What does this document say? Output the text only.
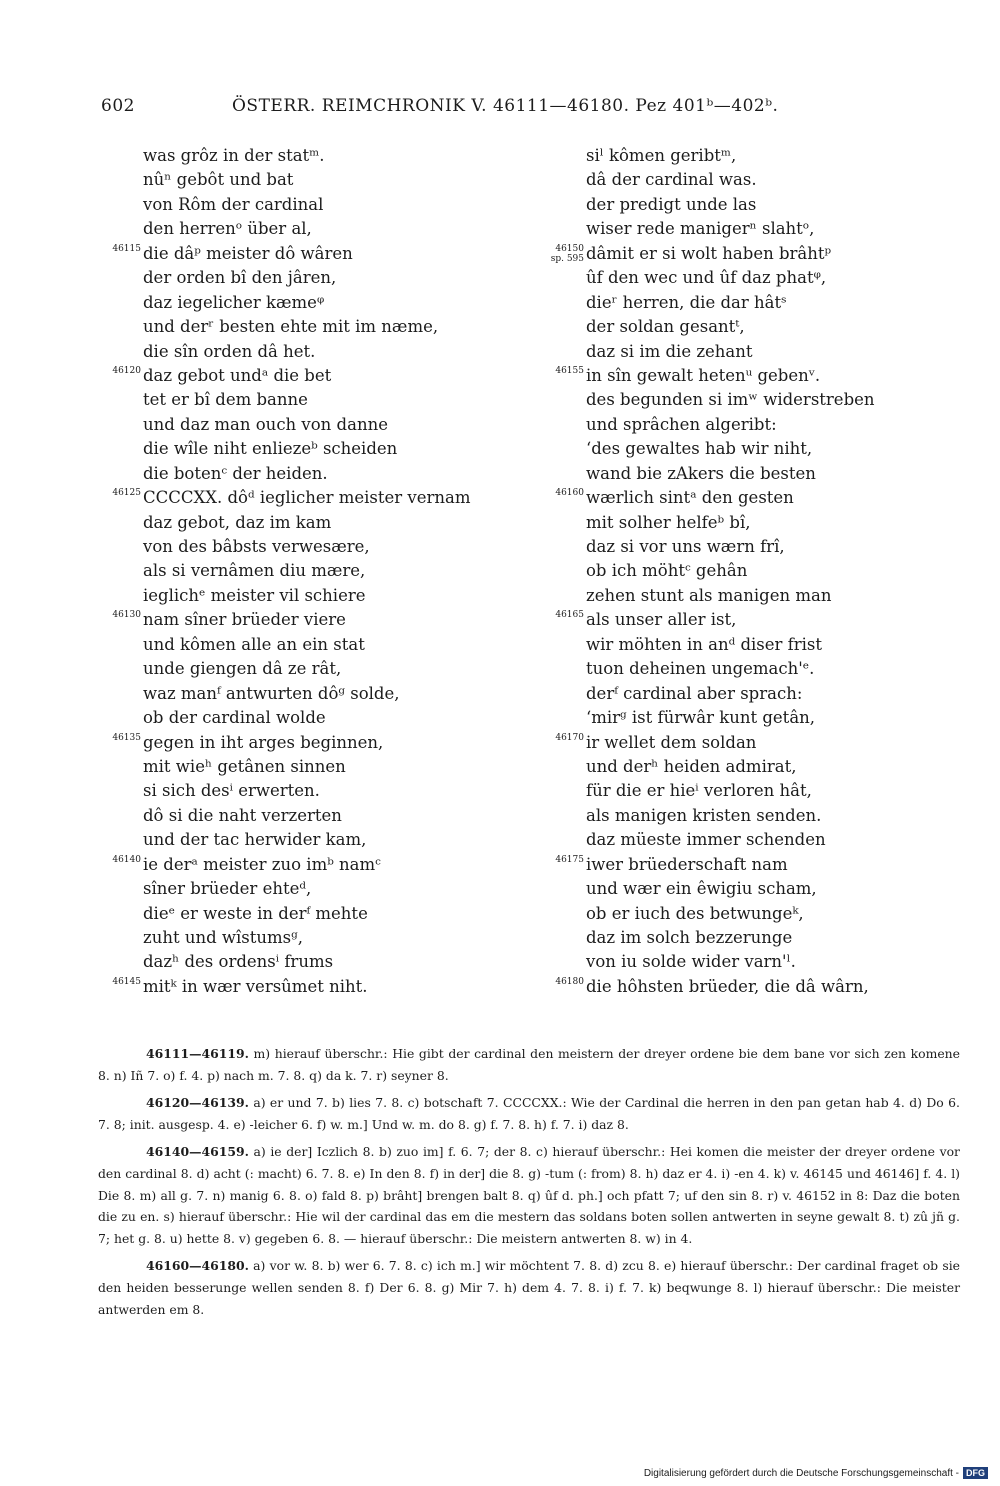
602	ÖSTERR. REIMCHRONIK V. 46111—46180. Pez 401ᵇ—402ᵇ.
was grôz in der statᵐ.
nûⁿ gebôt und bat
von Rôm der cardinal
den herrenᵒ über al,
46115 die dâᵖ meister dô wâren
der orden bî den jâren,
daz iegelicher kæmeᵠ
und derʳ besten ehte mit im næme,
die sîn orden dâ het.
46120 daz gebot undᵃ die bet
tet er bî dem banne
und daz man ouch von danne
die wîle niht enliezeᵇ scheiden
die botenᶜ der heiden.
46125 CCCCXX. dôᵈ ieglicher meister vernam
daz gebot, daz im kam
von des bâbsts verwesære,
als si vernâmen diu mære,
ieglichᵉ meister vil schiere
46130 nam sîner brüeder viere
und kômen alle an ein stat
unde giengen dâ ze rât,
waz manᶠ antwurten dôᵍ solde,
ob der cardinal wolde
46135 gegen in iht arges beginnen,
mit wieʰ getânen sinnen
si sich desⁱ erwerten.
dô si die naht verzerten
und der tac herwider kam,
46140 ie derᵃ meister zuo imᵇ namᶜ
sîner brüeder ehteᵈ,
dieᵉ er weste in derᶠ mehte
zuht und wîstumsᵍ,
dazʰ des ordensⁱ frums
46145 mitᵏ in wær versûmet niht.
siˡ kômen geribtᵐ,
dâ der cardinal was.
der predigt unde las
wiser rede manigerⁿ slahtᵒ,
46150
sp. 595 dâmit er si wolt haben brâhtᵖ
ûf den wec und ûf daz phatᵠ,
dieʳ herren, die dar hâtˢ
der soldan gesantᵗ,
daz si im die zehant
46155 in sîn gewalt hetenᵘ gebenᵛ.
des begunden si imʷ widerstreben
und sprâchen algeribt:
ʻdes gewaltes hab wir niht,
wand bie zAkers die besten
46160 wærlich sintᵃ den gesten
mit solher helfeᵇ bî,
daz si vor uns wærn frî,
ob ich möhtᶜ gehân
zehen stunt als manigen man
46165 als unser aller ist,
wir möhten in anᵈ diser frist
tuon deheinen ungemach'ᵉ.
derᶠ cardinal aber sprach:
ʻmirᵍ ist fürwâr kunt getân,
46170 ir wellet dem soldan
und derʰ heiden admirat,
für die er hieⁱ verloren hât,
als manigen kristen senden.
daz müeste immer schenden
46175 iwer brüederschaft nam
und wær ein êwigiu scham,
ob er iuch des betwungeᵏ,
daz im solch bezzerunge
von iu solde wider varn'ˡ.
46180 die hôhsten brüeder, die dâ wârn,

46111—46119. m) hierauf überschr.: Hie gibt der cardinal den meistern der dreyer ordene bie dem bane vor sich zen komene 8. n) Iñ 7. o) f. 4. p) nach m. 7. 8. q) da k. 7. r) seyner 8.

46120—46139. a) er und 7. b) lies 7. 8. c) botschaft 7. CCCCXX.: Wie der Cardinal die herren in den pan getan hab 4. d) Do 6. 7. 8; init. ausgesp. 4. e) -leicher 6. f) w. m.] Und w. m. do 8. g) f. 7. 8. h) f. 7. i) daz 8.

46140—46159. a) ie der] Iczlich 8. b) zuo im] f. 6. 7; der 8. c) hierauf überschr.: Hei komen die meister der dreyer ordene vor den cardinal 8. d) acht (: macht) 6. 7. 8. e) In den 8. f) in der] die 8. g) -tum (: from) 8. h) daz er 4. i) -en 4. k) v. 46145 und 46146] f. 4. l) Die 8. m) all g. 7. n) manig 6. 8. o) fald 8. p) brâht] brengen balt 8. q) ûf d. ph.] och pfatt 7; uf den sin 8. r) v. 46152 in 8: Daz die boten die zu en. s) hierauf überschr.: Hie wil der cardinal das em die mestern das soldans boten sollen antwerten in seyne gewalt 8. t) zû jñ g. 7; het g. 8. u) hette 8. v) gegeben 6. 8. — hierauf überschr.: Die meistern antwerten 8. w) in 4.

46160—46180. a) vor w. 8. b) wer 6. 7. 8. c) ich m.] wir möchtent 7. 8. d) zcu 8. e) hierauf überschr.: Der cardinal fraget ob sie den heiden besserunge wellen senden 8. f) Der 6. 8. g) Mir 7. h) dem 4. 7. 8. i) f. 7. k) beqwunge 8. l) hierauf überschr.: Die meister antwerden em 8.

Digitalisierung gefördert durch die Deutsche Forschungsgemeinschaft - DFG
